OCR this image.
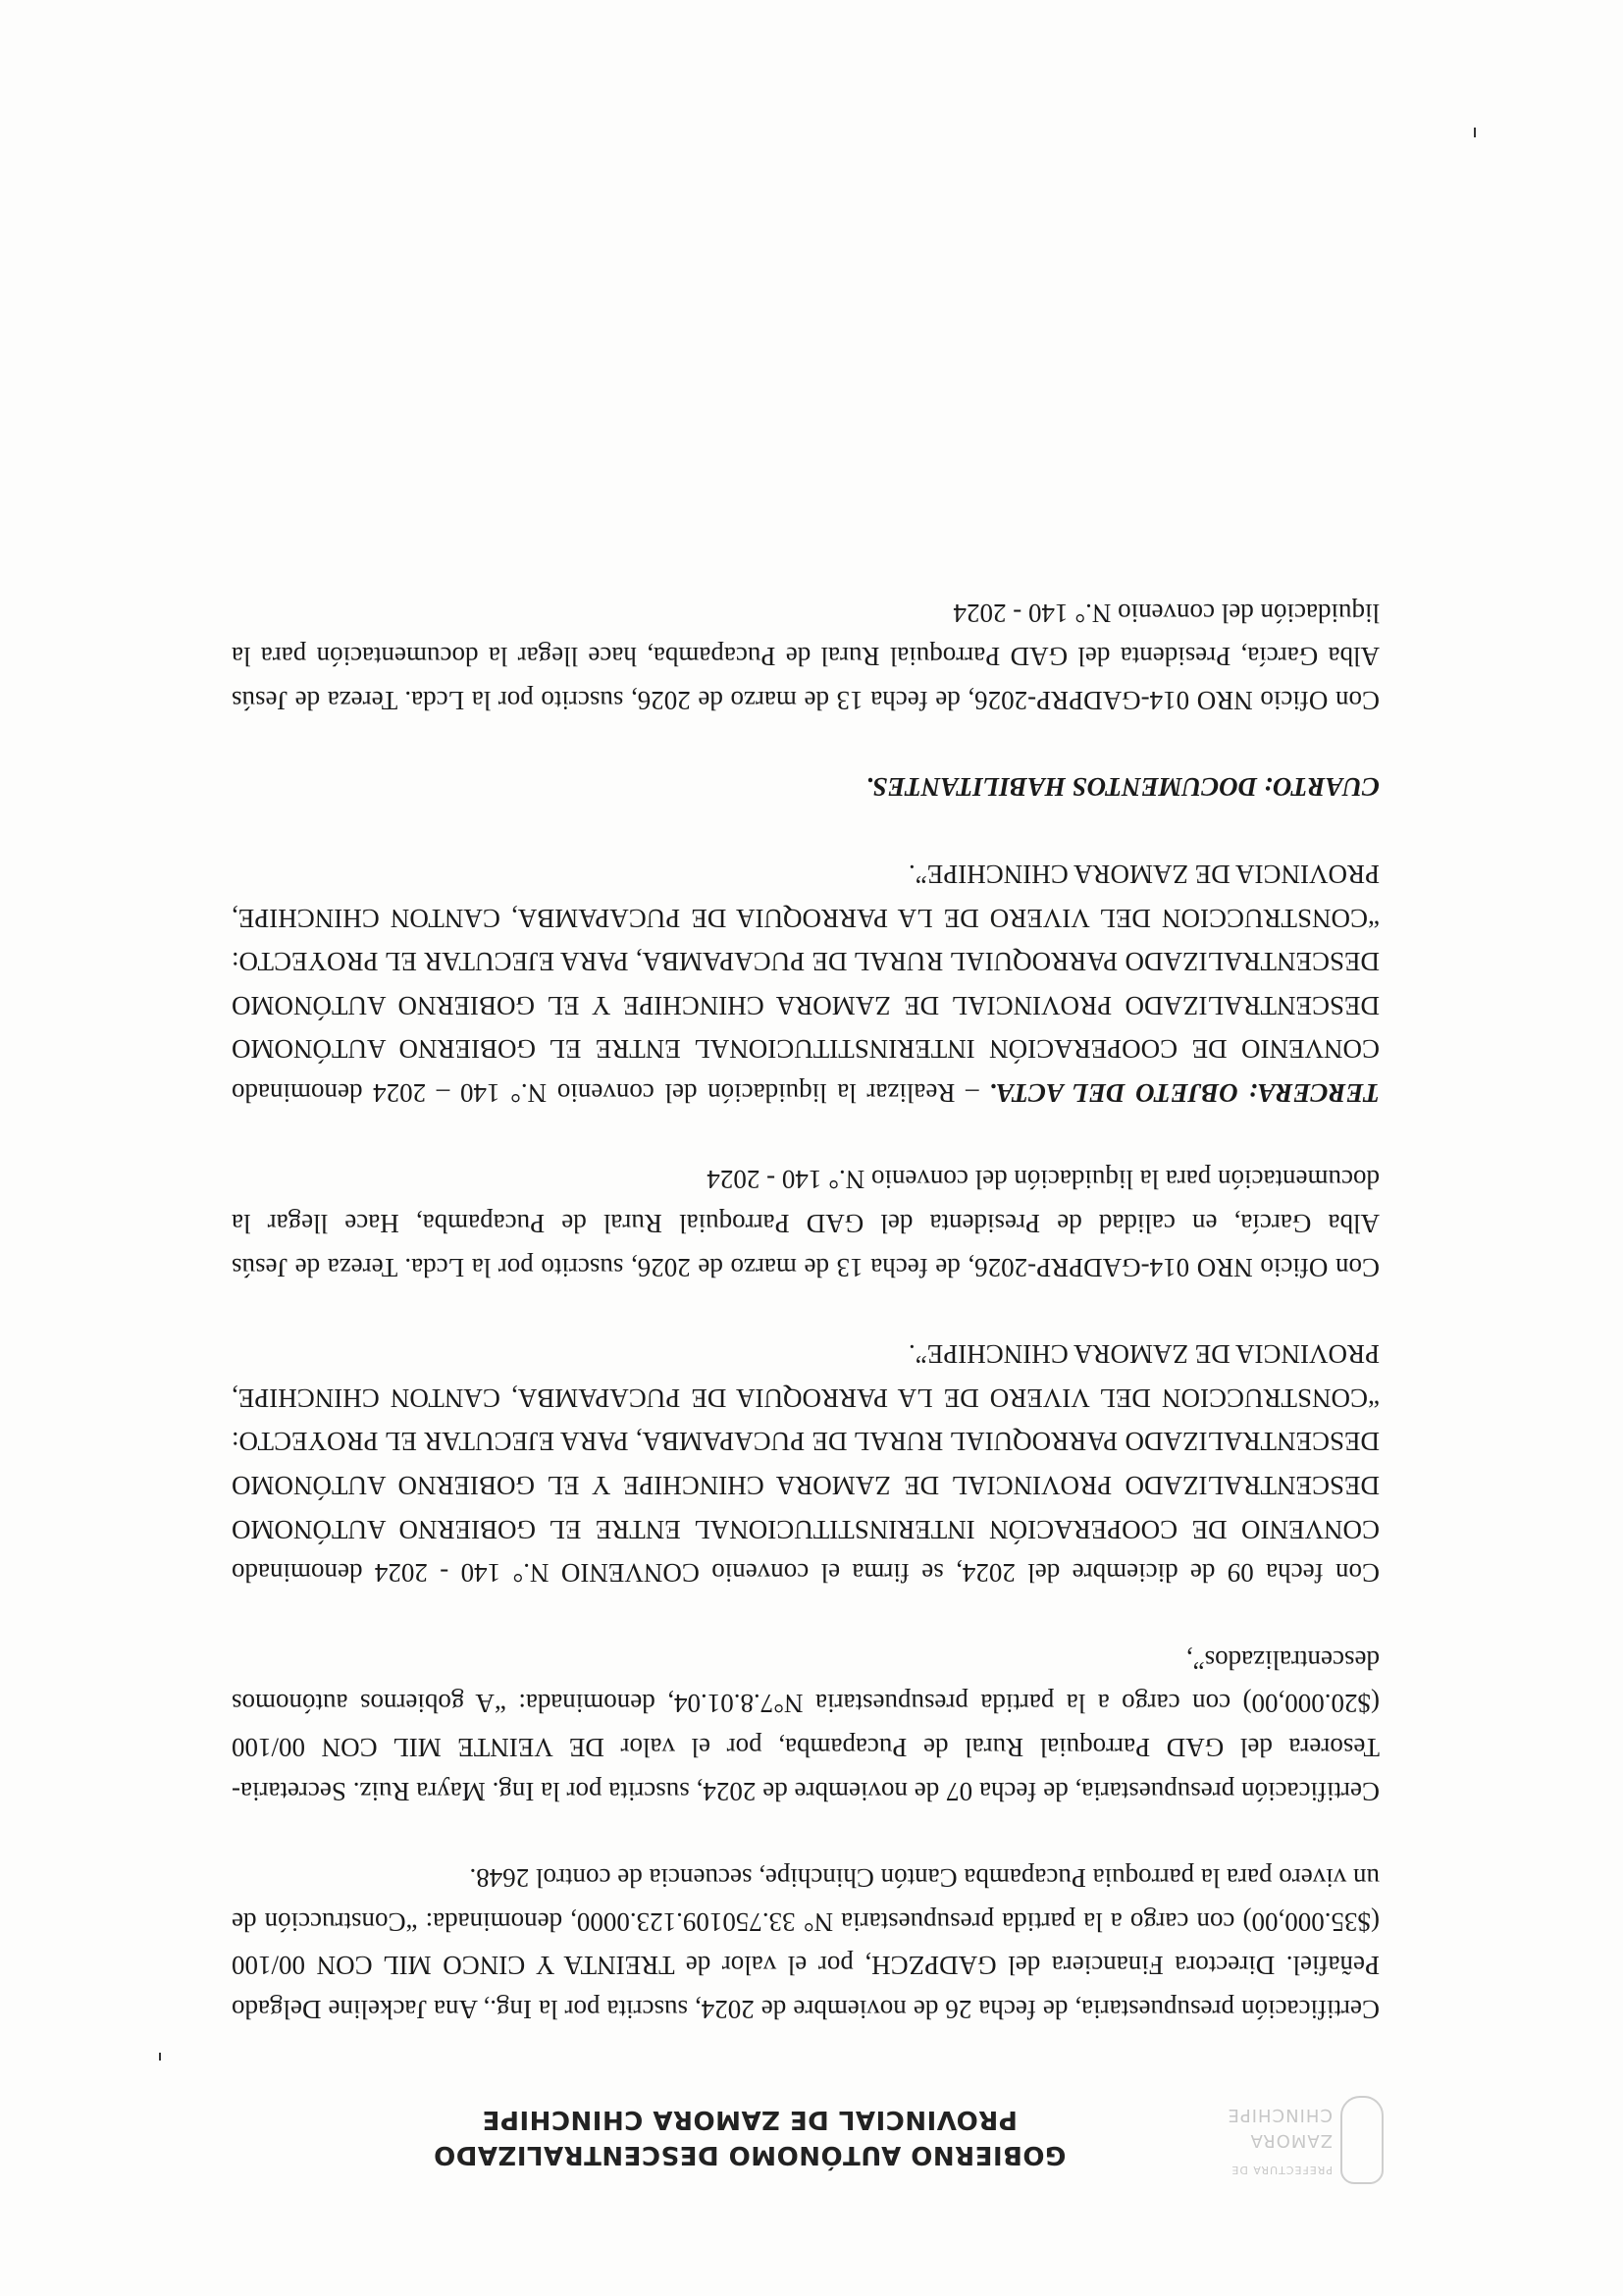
PREFECTURA DE
ZAMORA
CHINCHIPE
GOBIERNO AUTÓNOMO DESCENTRALIZADO
PROVINCIAL DE ZAMORA CHINCHIPE

Certificación presupuestaria, de fecha 26 de noviembre de 2024, suscrita por la Ing., Ana Jackeline Delgado Peñafiel. Directora Financiera del GADPZCH, por el valor de TREINTA Y CINCO MIL CON 00/100 ($35.000,00) con cargo a la partida presupuestaria N° 33.750109.123.0000, denominada: “Construcción de un vivero para la parroquia Pucapamba Cantón Chinchipe, secuencia de control 2648.

Certificación presupuestaria, de fecha 07 de noviembre de 2024, suscrita por la Ing. Mayra Ruiz. Secretaria-Tesorera del GAD Parroquial Rural de Pucapamba, por el valor DE VEINTE MIL CON 00/100 ($20.000,00) con cargo a la partida presupuestaria N°7.8.01.04, denominada: “A gobiernos autónomos descentralizados”,

Con fecha 09 de diciembre del 2024, se firma el convenio CONVENIO N.° 140 - 2024 denominado CONVENIO DE COOPERACIÓN INTERINSTITUCIONAL ENTRE EL GOBIERNO AUTÓNOMO DESCENTRALIZADO PROVINCIAL DE ZAMORA CHINCHIPE Y EL GOBIERNO AUTÓNOMO DESCENTRALIZADO PARROQUIAL RURAL DE PUCAPAMBA, PARA EJECUTAR EL PROYECTO: “CONSTRUCCION DEL VIVERO DE LA PARROQUIA DE PUCAPAMBA, CANTON CHINCHIPE, PROVINCIA DE ZAMORA CHINCHIPE”.

Con Oficio NRO 014-GADPRP-2026, de fecha 13 de marzo de 2026, suscrito por la Lcda. Tereza de Jesús Alba García, en calidad de Presidenta del GAD Parroquial Rural de Pucapamba, Hace llegar la documentación para la liquidación del convenio N.° 140 - 2024

TERCERA: OBJETO DEL ACTA. – Realizar la liquidación del convenio N.° 140 – 2024 denominado CONVENIO DE COOPERACIÓN INTERINSTITUCIONAL ENTRE EL GOBIERNO AUTÓNOMO DESCENTRALIZADO PROVINCIAL DE ZAMORA CHINCHIPE Y EL GOBIERNO AUTÓNOMO DESCENTRALIZADO PARROQUIAL RURAL DE PUCAPAMBA, PARA EJECUTAR EL PROYECTO: “CONSTRUCCION DEL VIVERO DE LA PARROQUIA DE PUCAPAMBA, CANTON CHINCHIPE, PROVINCIA DE ZAMORA CHINCHIPE”.

CUARTO: DOCUMENTOS HABILITANTES.

Con Oficio NRO 014-GADPRP-2026, de fecha 13 de marzo de 2026, suscrito por la Lcda. Tereza de Jesús Alba García, Presidenta del GAD Parroquial Rural de Pucapamba, hace llegar la documentación para la liquidación del convenio N.° 140 - 2024
